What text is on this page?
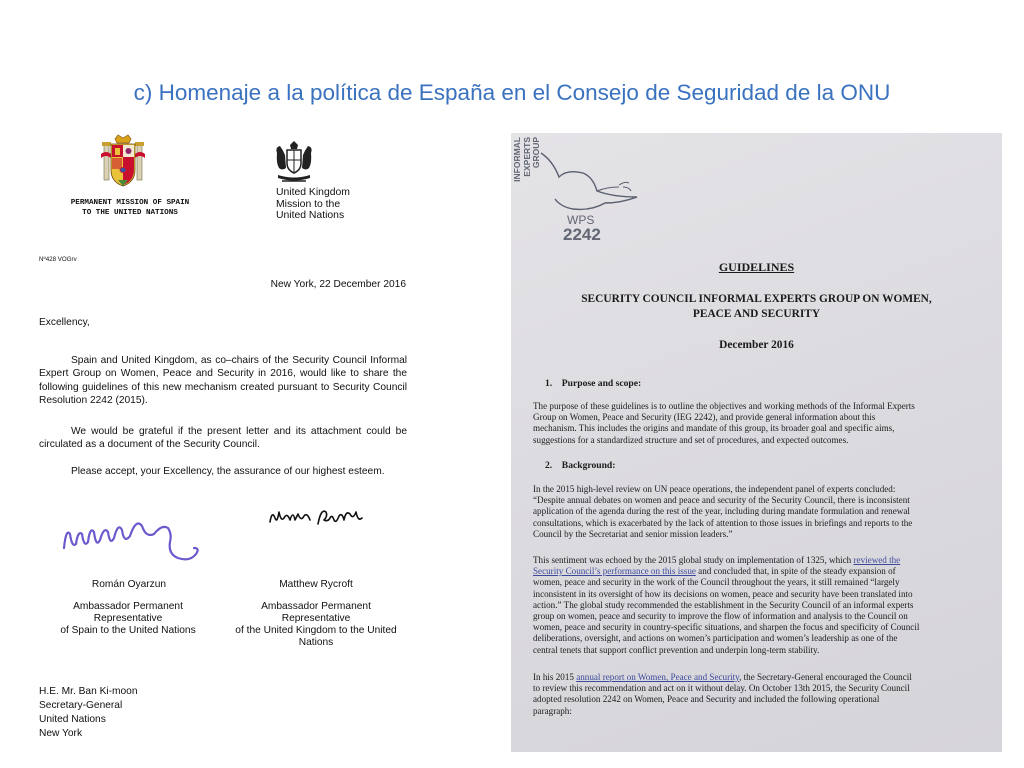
c) Homenaje a la política de España en el Consejo de Seguridad de la ONU
PERMANENT MISSION OF SPAIN
TO THE UNITED NATIONS
United Kingdom
Mission to the
United Nations
Nº428 VOGrv
New York, 22 December 2016
Excellency,
Spain and United Kingdom, as co–chairs of the Security Council Informal Expert Group on Women, Peace and Security in 2016, would like to share the following guidelines of this new mechanism created pursuant to Security Council Resolution 2242 (2015).
We would be grateful if the present letter and its attachment could be circulated as a document of the Security Council.
Please accept, your Excellency, the assurance of our highest esteem.
Román Oyarzun	Matthew Rycroft
Ambassador Permanent Representative
of Spain to the United Nations
Ambassador Permanent Representative
of the United Kingdom to the United
Nations
H.E. Mr. Ban Ki-moon
Secretary-General
United Nations
New York
INFORMAL EXPERTS GROUP
WPS
2242
GUIDELINES
SECURITY COUNCIL INFORMAL EXPERTS GROUP ON WOMEN,
PEACE AND SECURITY
December 2016
1.    Purpose and scope:
The purpose of these guidelines is to outline the objectives and working methods of the Informal Experts
Group on Women, Peace and Security (IEG 2242), and provide general information about this
mechanism. This includes the origins and mandate of this group, its broader goal and specific aims,
suggestions for a standardized structure and set of procedures, and expected outcomes.
2.    Background:
In the 2015 high-level review on UN peace operations, the independent panel of experts concluded:
“Despite annual debates on women and peace and security of the Security Council, there is inconsistent
application of the agenda during the rest of the year, including during mandate formulation and renewal
consultations, which is exacerbated by the lack of attention to those issues in briefings and reports to the
Council by the Secretariat and senior mission leaders.”
This sentiment was echoed by the 2015 global study on implementation of 1325, which reviewed the
Security Council’s performance on this issue and concluded that, in spite of the steady expansion of
women, peace and security in the work of the Council throughout the years, it still remained “largely
inconsistent in its oversight of how its decisions on women, peace and security have been translated into
action.” The global study recommended the establishment in the Security Council of an informal experts
group on women, peace and security to improve the flow of information and analysis to the Council on
women, peace and security in country-specific situations, and sharpen the focus and specificity of Council
deliberations, oversight, and actions on women’s participation and women’s leadership as one of the
central tenets that support conflict prevention and underpin long-term stability.
In his 2015 annual report on Women, Peace and Security, the Secretary-General encouraged the Council
to review this recommendation and act on it without delay. On October 13th 2015, the Security Council
adopted resolution 2242 on Women, Peace and Security and included the following operational
paragraph:
